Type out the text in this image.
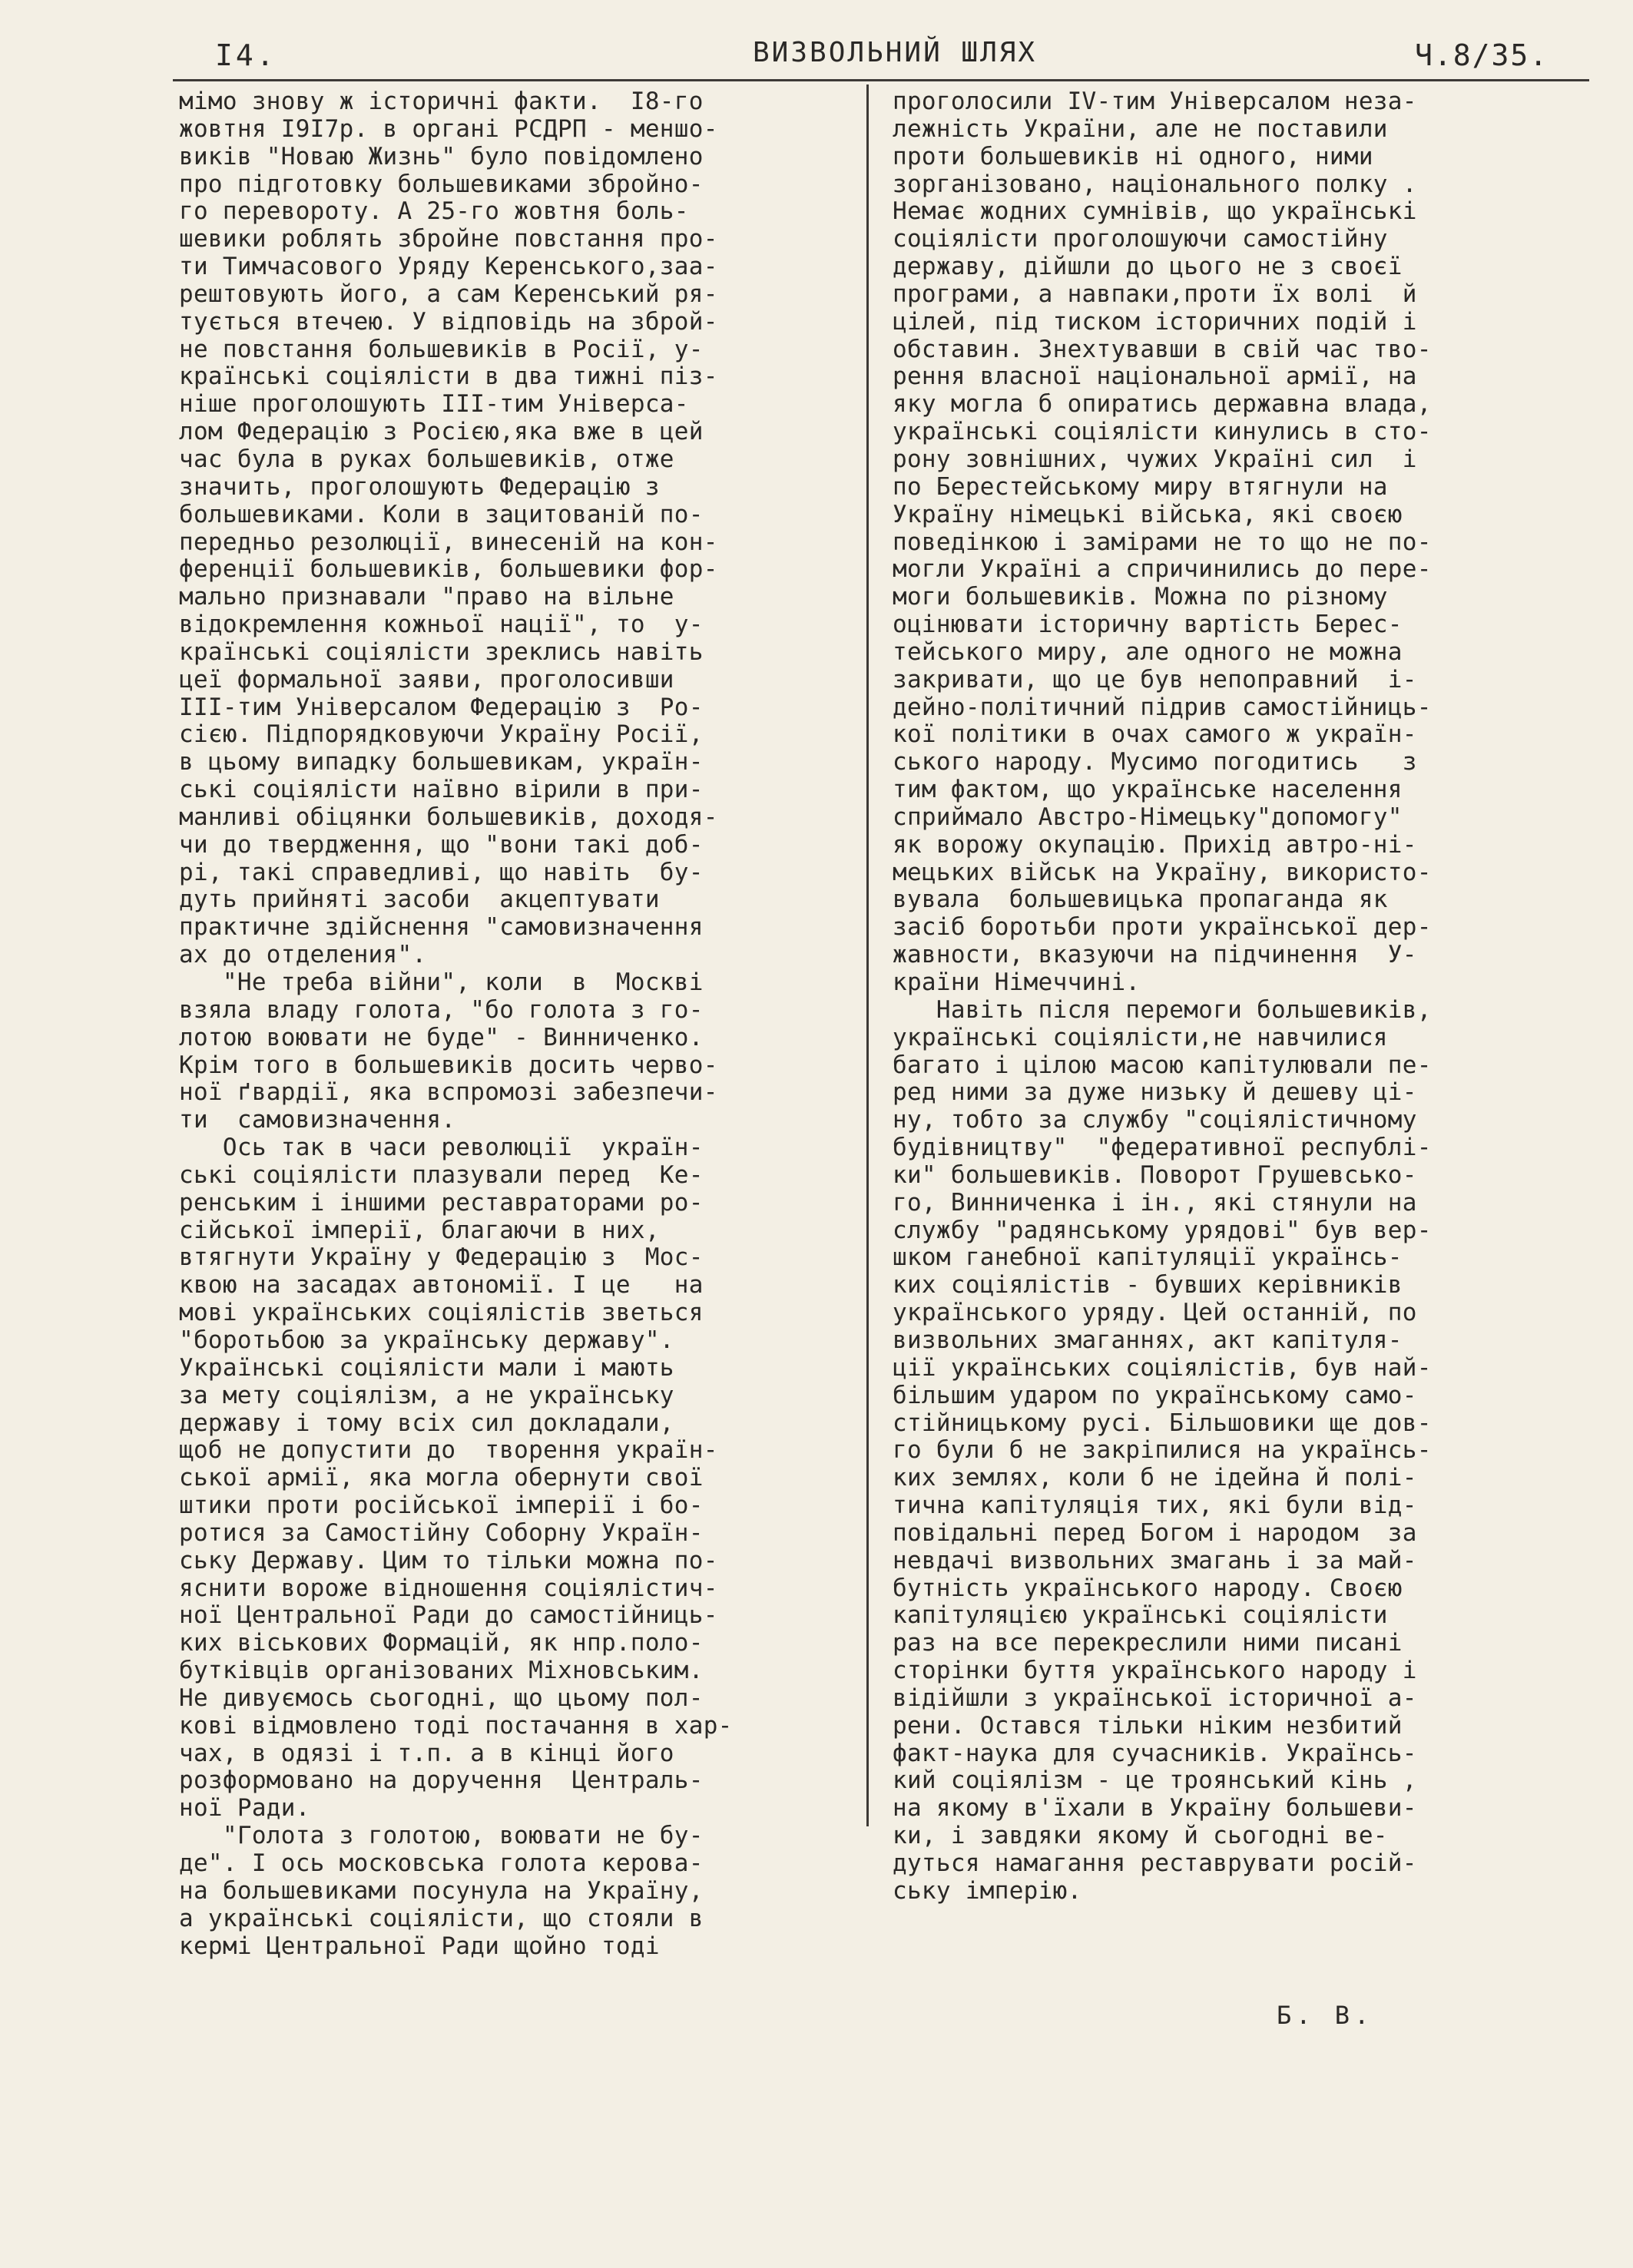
I4.	ВИЗВОЛЬНИЙ ШЛЯХ	Ч.8/35.
мімо знову ж історичні факти.  I8-го
жовтня I9I7р. в органі РСДРП - меншо-
виків "Новаю Жизнь" було повідомлено
про підготовку большевиками збройно-
го перевороту. А 25-го жовтня боль-
шевики роблять збройне повстання про-
ти Тимчасового Уряду Керенського,заа-
рештовують його, а сам Керенський ря-
тується втечею. У відповідь на зброй-
не повстання большевиків в Росії, у-
країнські соціялісти в два тижні піз-
ніше проголошують III-тим Універса-
лом Федерацію з Росією,яка вже в цей
час була в руках большевиків, отже
значить, проголошують Федерацію з
большевиками. Коли в зацитованій по-
передньо резолюції, винесеній на кон-
ференції большевиків, большевики фор-
мально признавали "право на вільне
відокремлення кожньої нації", то  у-
країнські соціялісти зреклись навіть
цеї формальної заяви, проголосивши
III-тим Універсалом Федерацію з  Ро-
сією. Підпорядковуючи Україну Росії,
в цьому випадку большевикам, україн-
ські соціялісти наївно вірили в при-
манливі обіцянки большевиків, доходя-
чи до твердження, що "вони такі доб-
рі, такі справедливі, що навіть  бу-
дуть прийняті засоби  акцептувати
практичне здійснення "самовизначення
ах до отделения".
"Не треба війни", коли  в  Москві
взяла владу голота, "бо голота з го-
лотою воювати не буде" - Винниченко.
Крім того в большевиків досить червo-
ної ґвардії, яка вспромозі забезпечи-
ти  самовизначення.
Ось так в часи революції  україн-
ські соціялісти плазували перед  Ке-
ренським і іншими реставраторами ро-
сійської імперії, благаючи в них,
втягнути Україну у Федерацію з  Мос-
квою на засадах автономії. I це   на
мові українських соціялістів зветься
"боротьбою за українську державу".
Українські соціялісти мали і мають
за мету соціялізм, а не українську
державу і тому всіх сил докладали,
щоб не допустити до  творення україн-
ської армії, яка могла обернути свої
штики проти російської імперії і бо-
ротися за Самостійну Соборну Україн-
ську Державу. Цим то тільки можна по-
яснити вороже відношення соціялістич-
ної Центральної Ради до самостійниць-
ких віськових Формацій, як нпр.поло-
бутківців організованих Міхновським.
Не дивуємось сьогодні, що цьому пол-
кові відмовлено тоді постачання в хар-
чах, в одязі і т.п. а в кінці його
розформовано на доручення  Централь-
ної Ради.
"Голота з голотою, воювати не бу-
де". I ось московська голота керова-
на большевиками посунула на Україну,
а українські соціялісти, що стояли в
кермі Центральної Ради щойно тоді
проголосили IV-тим Універсалом неза-
лежність України, але не поставили
проти большевиків ні одного, ними
зорганізовано, національного полку .
Немає жодних сумнівів, що українські
соціялісти проголошуючи самостійну
державу, дійшли до цього не з своєї
програми, а навпаки,проти їх волі  й
цілей, під тиском історичних подій і
обставин. Знехтувавши в свій час тво-
рення власної національної армії, на
яку могла б опиратись державна влада,
українські соціялісти кинулись в сто-
рону зовнішних, чужих Україні сил  і
по Берестейському миру втягнули на
Україну німецькі війська, які своєю
поведінкою і замірами не то що не по-
могли Україні а спричинились до пере-
моги большевиків. Можна по різному
оцінювати історичну вартість Берес-
тейського миру, але одного не можна
закривати, що це був непоправний  і-
дейно-політичний підрив самостійниць-
кої політики в очах самого ж україн-
ського народу. Мусимо погодитись   з
тим фактом, що українське населення
сприймало Австро-Німецьку"допомогу"
як ворожу окупацію. Прихід автро-ні-
мецьких військ на Україну, використо-
вувала  большевицька пропаганда як
засіб боротьби проти української дер-
жавности, вказуючи на підчинення  У-
країни Німеччині.
Навіть після перемоги большевиків,
українські соціялісти,не навчилися
багато і цілою масою капітулювали пе-
ред ними за дуже низьку й дешеву ці-
ну, тобто за службу "соціялістичному
будівництву"  "федеративної республі-
ки" большевиків. Поворот Грушевсько-
го, Винниченка і ін., які стянули на
службу "радянському урядові" був вер-
шком ганебної капітуляції українсь-
ких соціялістів - бувших керівників
українського уряду. Цей останній, по
визвольних змаганнях, акт капітуля-
ції українських соціялістів, був най-
більшим ударом по українському само-
стійницькому русі. Більшовики ще дов-
го були б не закріпилися на українсь-
ких землях, коли б не ідейна й полі-
тична капітуляція тих, які були від-
повідальні перед Богом і народом  за
невдачі визвольних змагань і за май-
бутність українського народу. Своєю
капітуляцією українські соціялісти
раз на все перекреслили ними писані
сторінки буття українського народу і
відійшли з української історичної а-
рени. Остався тільки ніким незбитий
факт-наука для сучасників. Українсь-
кий соціялізм - це троянський кінь ,
на якому в'їхали в Україну большеви-
ки, і завдяки якому й сьогодні ве-
дуться намагання реставрувати росій-
ську імперію.
Б. В.
